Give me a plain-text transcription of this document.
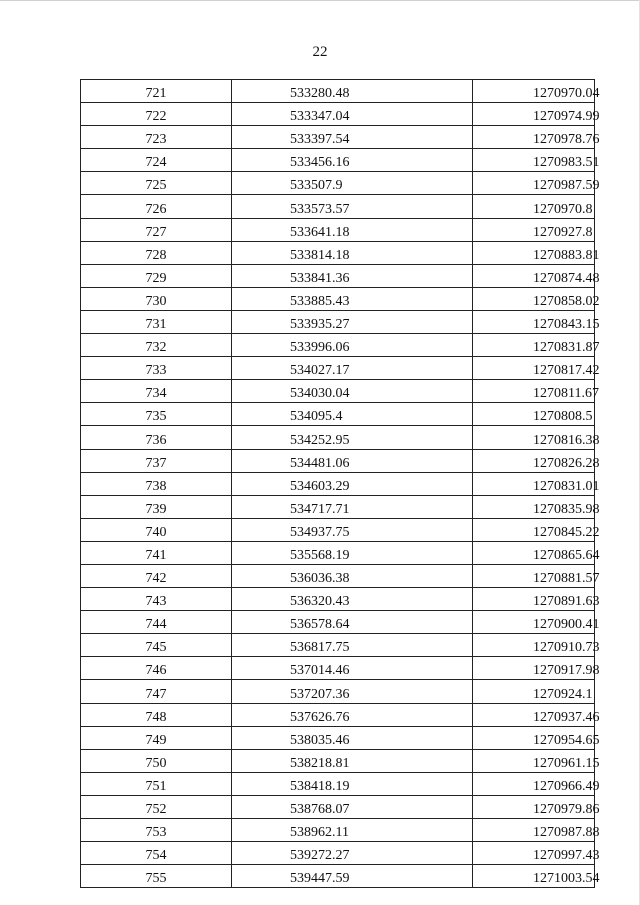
22
721	533280.48	1270970.04
722	533347.04	1270974.99
723	533397.54	1270978.76
724	533456.16	1270983.51
725	533507.9	1270987.59
726	533573.57	1270970.8
727	533641.18	1270927.8
728	533814.18	1270883.81
729	533841.36	1270874.48
730	533885.43	1270858.02
731	533935.27	1270843.15
732	533996.06	1270831.87
733	534027.17	1270817.42
734	534030.04	1270811.67
735	534095.4	1270808.5
736	534252.95	1270816.38
737	534481.06	1270826.28
738	534603.29	1270831.01
739	534717.71	1270835.98
740	534937.75	1270845.22
741	535568.19	1270865.64
742	536036.38	1270881.57
743	536320.43	1270891.63
744	536578.64	1270900.41
745	536817.75	1270910.73
746	537014.46	1270917.98
747	537207.36	1270924.1
748	537626.76	1270937.46
749	538035.46	1270954.65
750	538218.81	1270961.15
751	538418.19	1270966.49
752	538768.07	1270979.86
753	538962.11	1270987.88
754	539272.27	1270997.43
755	539447.59	1271003.54
